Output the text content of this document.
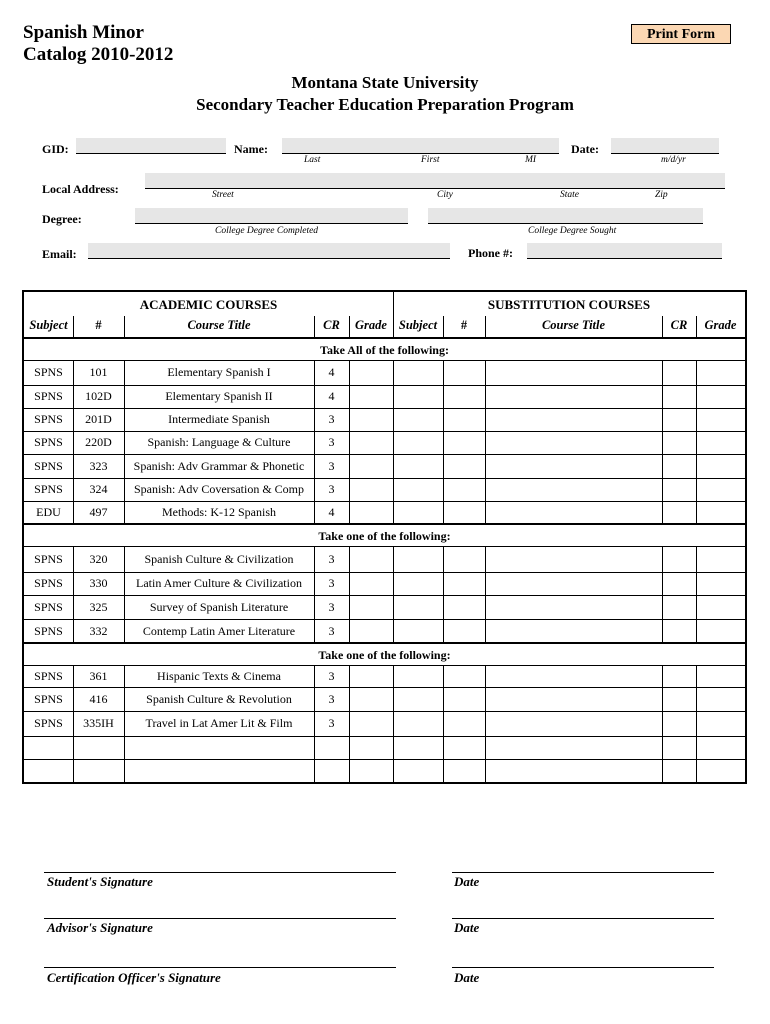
Spanish Minor
Catalog 2010-2012
Print Form
Montana State University
Secondary Teacher Education Preparation Program
GID:	Name:	Date:
Last	First	MI	m/d/yr
Local Address:	Street	City	State	Zip
Degree:
College Degree Completed	College Degree Sought
Email:	Phone #:
ACADEMIC COURSES	SUBSTITUTION COURSES
Subject	#	Course Title	CR	Grade Subject	#	Course Title	CR	Grade
Take All of the following:
SPNS	101	Elementary Spanish I	4
SPNS	102D	Elementary Spanish II	4
SPNS	201D	Intermediate Spanish	3
SPNS	220D	Spanish: Language & Culture	3
SPNS	323	Spanish: Adv Grammar & Phonetic	3
SPNS	324	Spanish: Adv Coversation & Comp	3
EDU	497	Methods: K-12 Spanish	4
Take one of the following:
SPNS	320	Spanish Culture & Civilization	3
SPNS	330	Latin Amer Culture & Civilization	3
SPNS	325	Survey of Spanish Literature	3
SPNS	332	Contemp Latin Amer Literature	3
Take one of the following:
SPNS	361	Hispanic Texts & Cinema	3
SPNS	416	Spanish Culture & Revolution	3
SPNS	335IH	Travel in Lat Amer Lit & Film	3
Student's Signature	Date
Advisor's Signature	Date
Certification Officer's Signature	Date
